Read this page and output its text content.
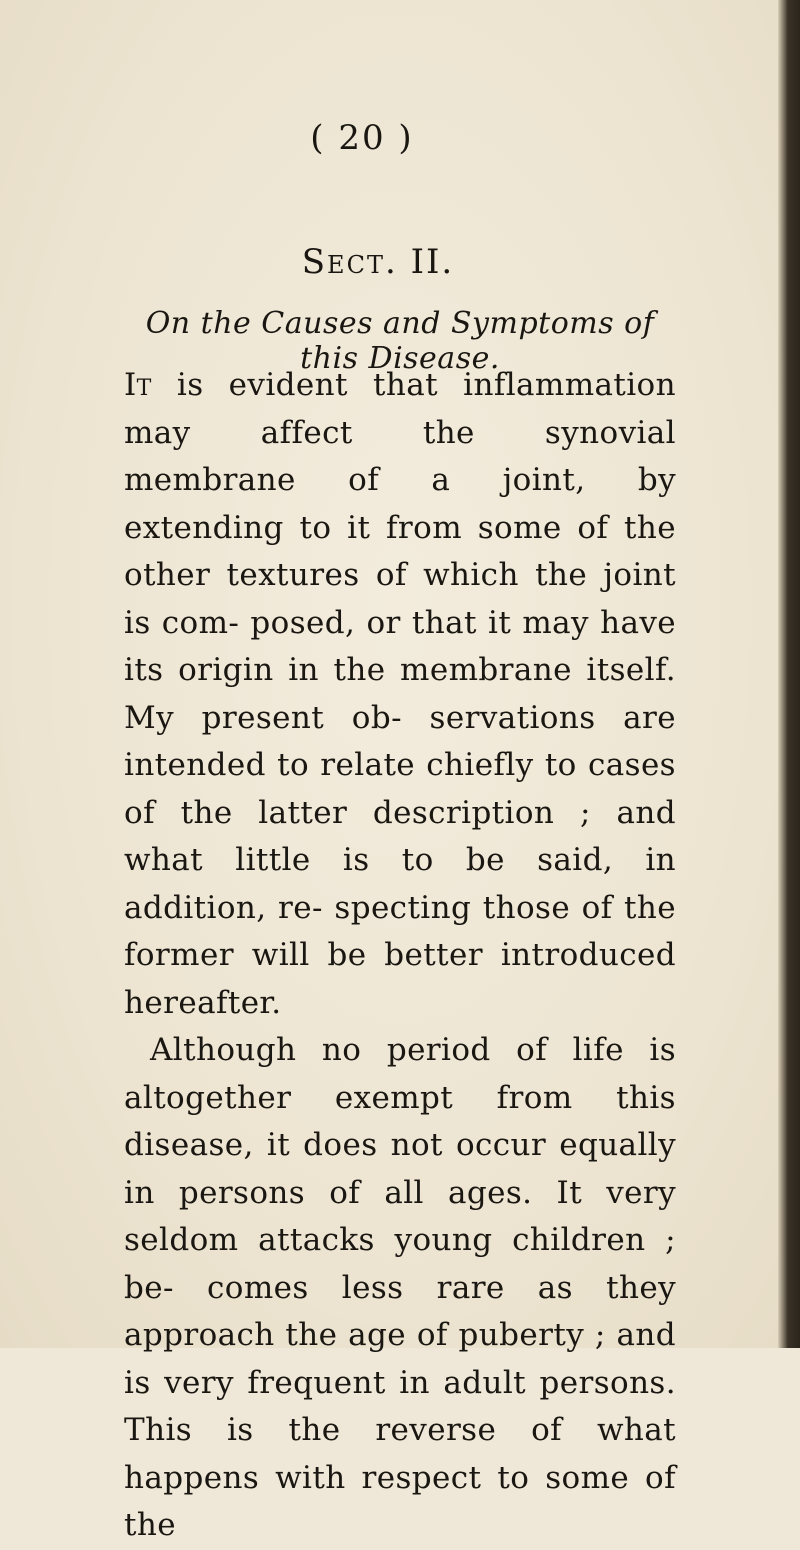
( 20 )
Sect. II.
On the Causes and Symptoms of this Disease.

It is evident that inflammation may affect the synovial membrane of a joint, by extending to it from some of the other textures of which the joint is com- posed, or that it may have its origin in the membrane itself. My present ob- servations are intended to relate chiefly to cases of the latter description ; and what little is to be said, in addition, re- specting those of the former will be better introduced hereafter.

Although no period of life is altogether exempt from this disease, it does not occur equally in persons of all ages. It very seldom attacks young children ; be- comes less rare as they approach the age of puberty ; and is very frequent in adult persons. This is the reverse of what happens with respect to some of the
